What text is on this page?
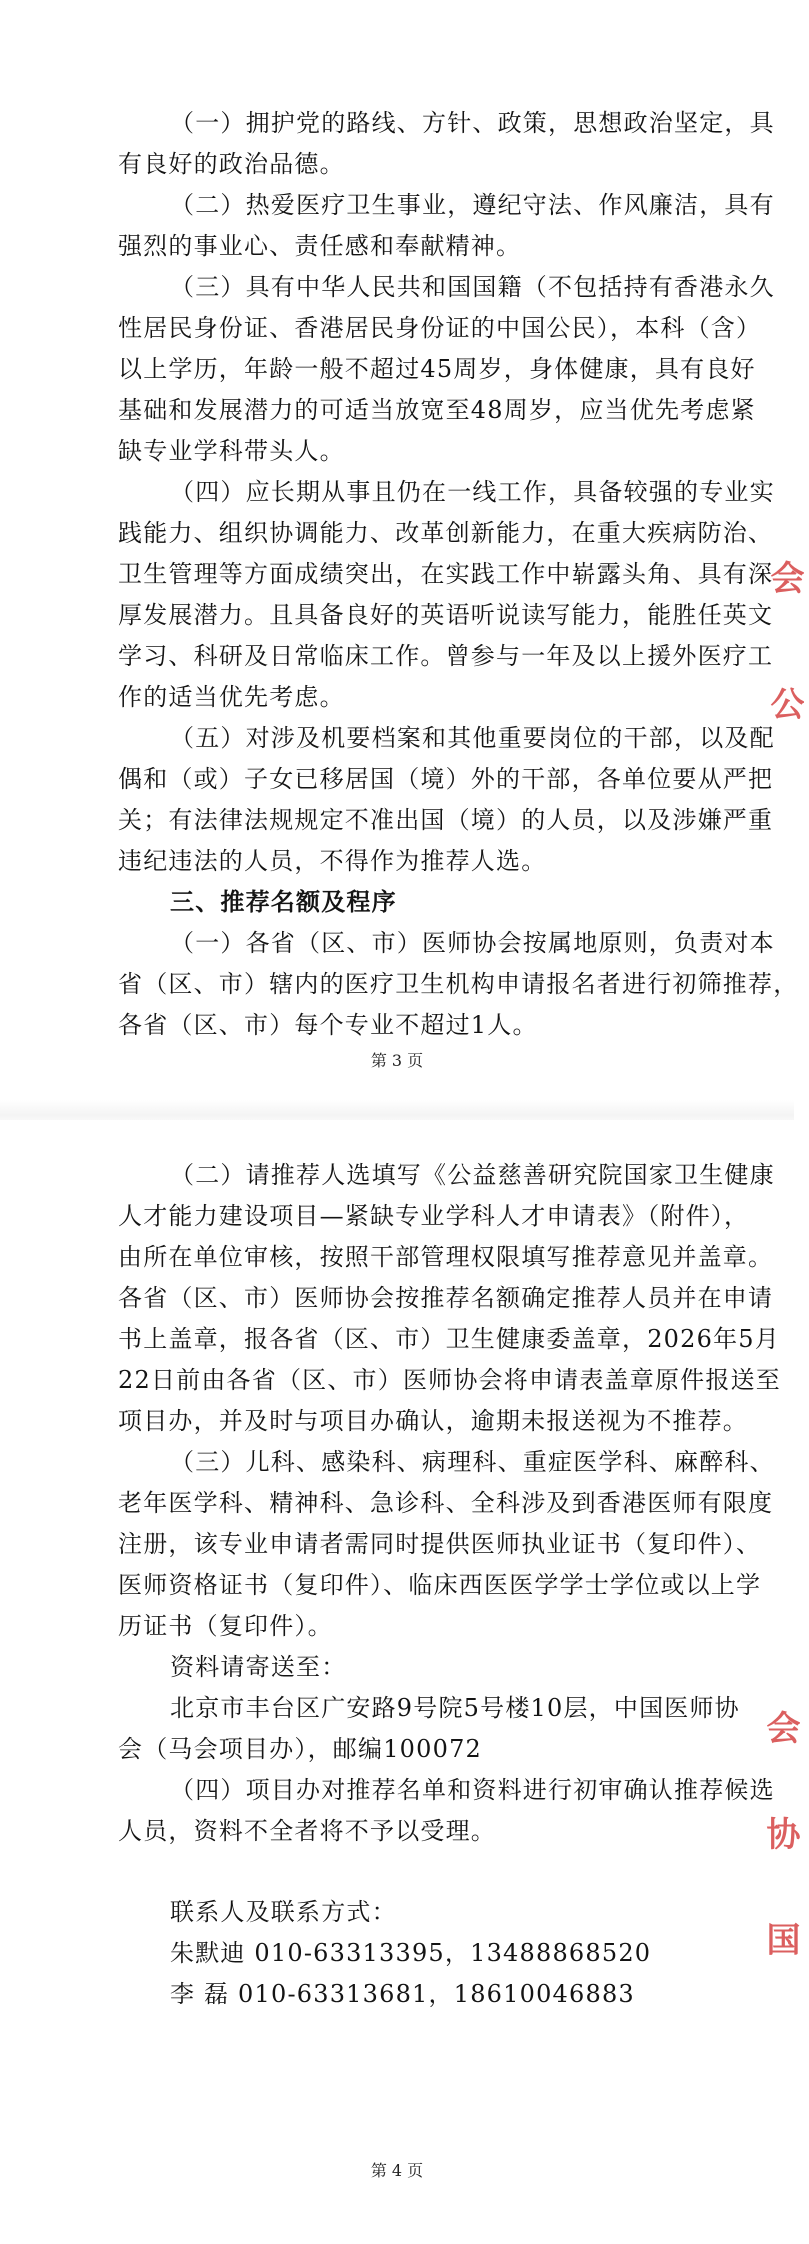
（一）拥护党的路线、方针、政策，思想政治坚定，具
有良好的政治品德。
（二）热爱医疗卫生事业，遵纪守法、作风廉洁，具有
强烈的事业心、责任感和奉献精神。
（三）具有中华人民共和国国籍（不包括持有香港永久
性居民身份证、香港居民身份证的中国公民），本科（含）
以上学历，年龄一般不超过45周岁，身体健康，具有良好
基础和发展潜力的可适当放宽至48周岁，应当优先考虑紧
缺专业学科带头人。
（四）应长期从事且仍在一线工作，具备较强的专业实
践能力、组织协调能力、改革创新能力，在重大疾病防治、
卫生管理等方面成绩突出，在实践工作中崭露头角、具有深
厚发展潜力。且具备良好的英语听说读写能力，能胜任英文
学习、科研及日常临床工作。曾参与一年及以上援外医疗工
作的适当优先考虑。
（五）对涉及机要档案和其他重要岗位的干部，以及配
偶和（或）子女已移居国（境）外的干部，各单位要从严把
关；有法律法规规定不准出国（境）的人员，以及涉嫌严重
违纪违法的人员，不得作为推荐人选。
三、推荐名额及程序
（一）各省（区、市）医师协会按属地原则，负责对本
省（区、市）辖内的医疗卫生机构申请报名者进行初筛推荐，
各省（区、市）每个专业不超过1人。
第 3 页
会 公
（二）请推荐人选填写《公益慈善研究院国家卫生健康
人才能力建设项目—紧缺专业学科人才申请表》（附件），
由所在单位审核，按照干部管理权限填写推荐意见并盖章。
各省（区、市）医师协会按推荐名额确定推荐人员并在申请
书上盖章，报各省（区、市）卫生健康委盖章，2026年5月
22日前由各省（区、市）医师协会将申请表盖章原件报送至
项目办，并及时与项目办确认，逾期未报送视为不推荐。
（三）儿科、感染科、病理科、重症医学科、麻醉科、
老年医学科、精神科、急诊科、全科涉及到香港医师有限度
注册，该专业申请者需同时提供医师执业证书（复印件）、
医师资格证书（复印件）、临床西医医学学士学位或以上学
历证书（复印件）。
资料请寄送至：
北京市丰台区广安路9号院5号楼10层，中国医师协
会（马会项目办），邮编100072
（四）项目办对推荐名单和资料进行初审确认推荐候选
人员，资料不全者将不予以受理。
联系人及联系方式：
朱默迪 010-63313395，13488868520
李 磊 010-63313681，18610046883
第 4 页
会 协 国
